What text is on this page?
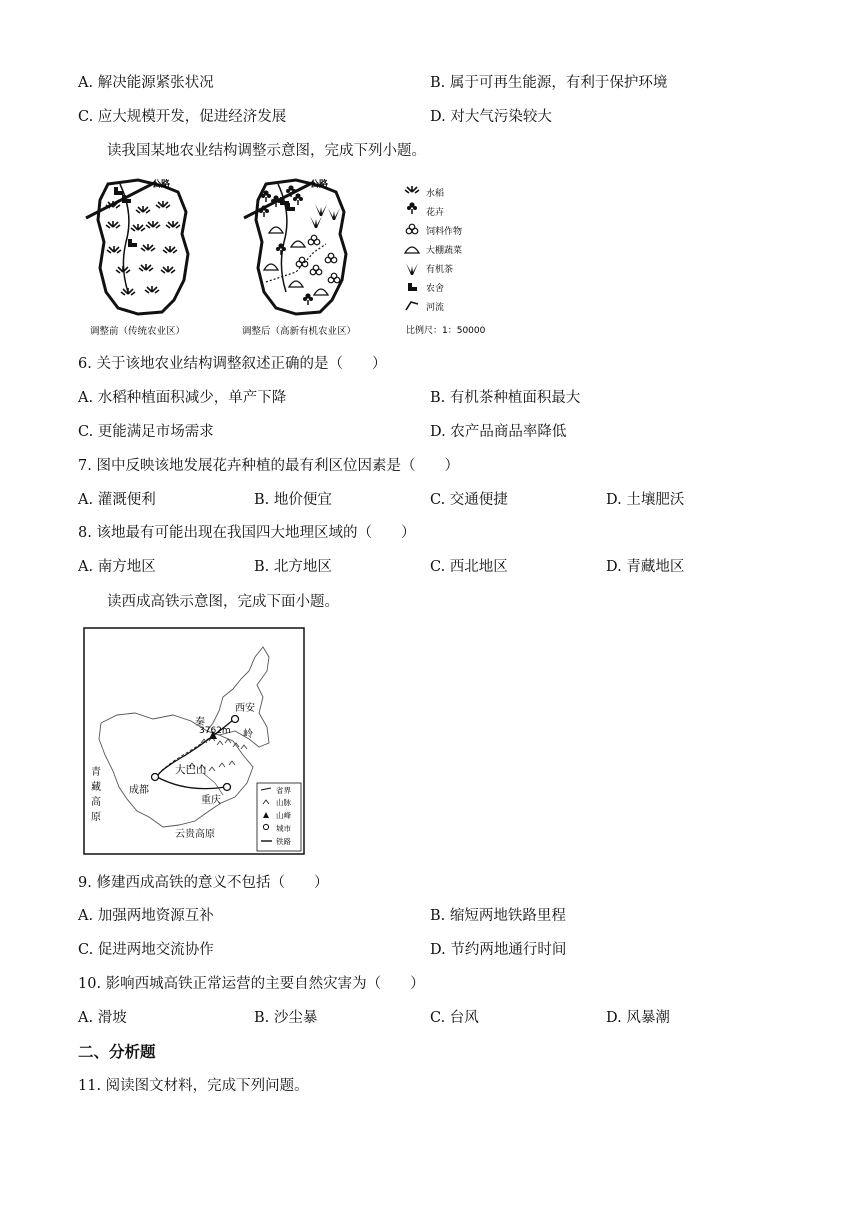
A. 解决能源紧张状况	B. 属于可再生能源，有利于保护环境
C. 应大规模开发，促进经济发展	D. 对大气污染较大
读我国某地农业结构调整示意图，完成下列小题。
公路
调整前（传统农业区）
公路
调整后（高新有机农业区）
水稻
花卉
饲料作物
大棚蔬菜
有机茶
农舍
河流
比例尺：1：50000
6. 关于该地农业结构调整叙述正确的是（　　）
A. 水稻种植面积减少，单产下降	B. 有机茶种植面积最大
C. 更能满足市场需求	D. 农产品商品率降低
7. 图中反映该地发展花卉种植的最有利区位因素是（　　）
A. 灌溉便利	B. 地价便宜	C. 交通便捷	D. 土壤肥沃
8. 该地最有可能出现在我国四大地理区域的（　　）
A. 南方地区	B. 北方地区	C. 西北地区	D. 青藏地区
读西成高铁示意图，完成下面小题。
西安
秦
3762m 岭
大巴山
成都
重庆
青
藏
高
原
云贵高原
省界
山脉
山峰
城市
铁路
9. 修建西成高铁的意义不包括（　　）
A. 加强两地资源互补	B. 缩短两地铁路里程
C. 促进两地交流协作	D. 节约两地通行时间
10. 影响西城高铁正常运营的主要自然灾害为（　　）
A. 滑坡	B. 沙尘暴	C. 台风	D. 风暴潮
二、分析题
11. 阅读图文材料，完成下列问题。
